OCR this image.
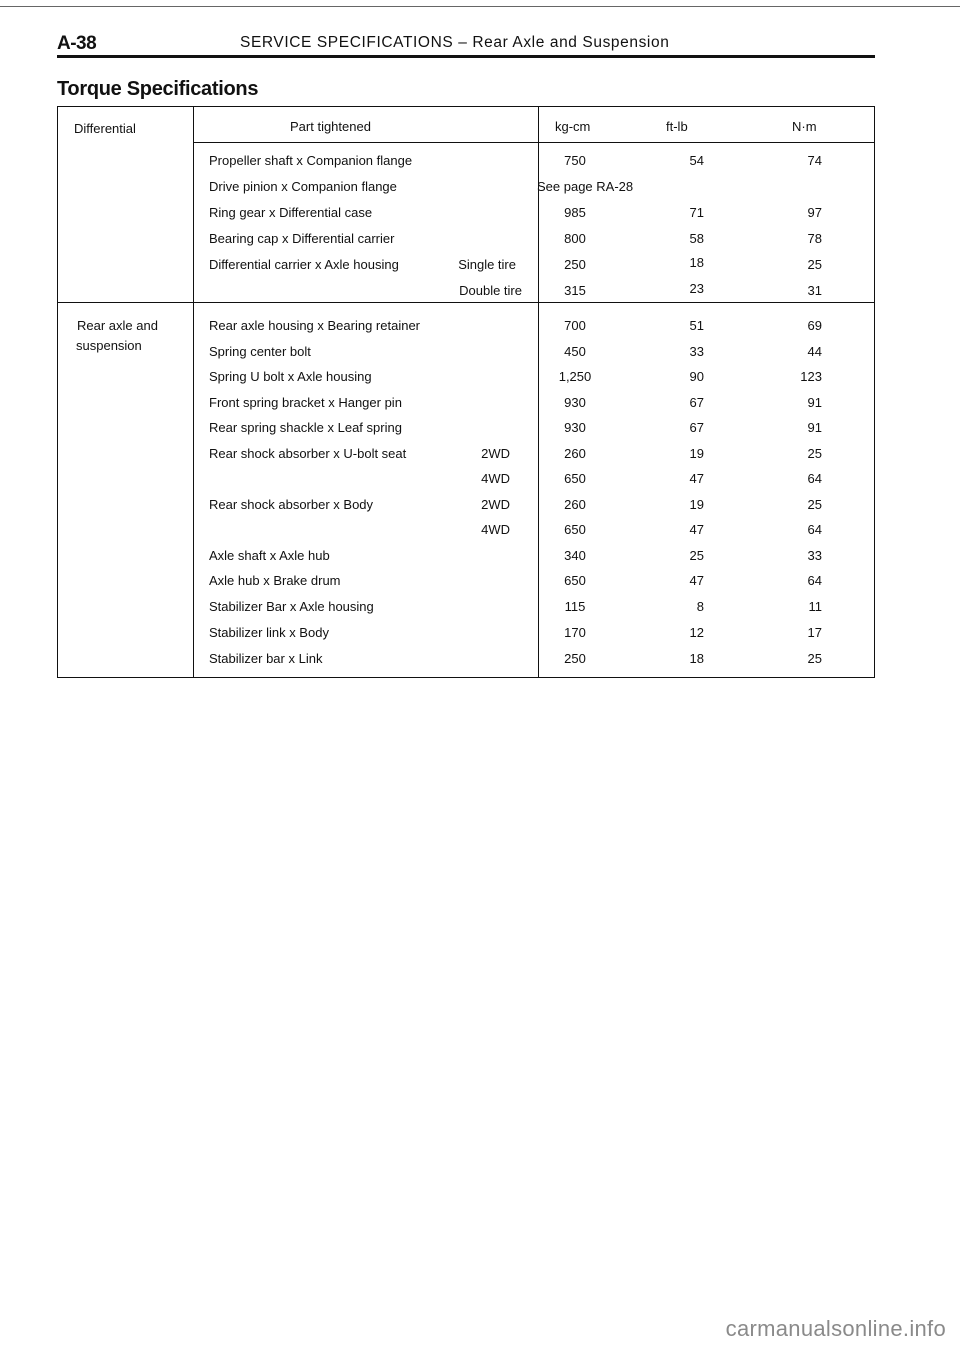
A-38	SERVICE SPECIFICATIONS – Rear Axle and Suspension
Torque Specifications
Differential
Rear axle and
suspension
Part tightened	kg-cm	ft-lb	N·m
Propeller shaft x Companion flange	750	54	74
Drive pinion x Companion flange	See page RA-28
Ring gear x Differential case	985	71	97
Bearing cap x Differential carrier	800	58	78
Differential carrier x Axle housing	Single tire	250	18	25
Double tire	315	23	31
Rear axle housing x Bearing retainer	700	51	69
Spring center bolt	450	33	44
Spring U bolt x Axle housing	1,250	90	123
Front spring bracket x Hanger pin	930	67	91
Rear spring shackle x Leaf spring	930	67	91
Rear shock absorber x U-bolt seat	2WD	260	19	25
4WD	650	47	64
Rear shock absorber x Body	2WD	260	19	25
4WD	650	47	64
Axle shaft x Axle hub	340	25	33
Axle hub x Brake drum	650	47	64
Stabilizer Bar x Axle housing	115	8	11
Stabilizer link x Body	170	12	17
Stabilizer bar x Link	250	18	25
carmanualsonline.info
